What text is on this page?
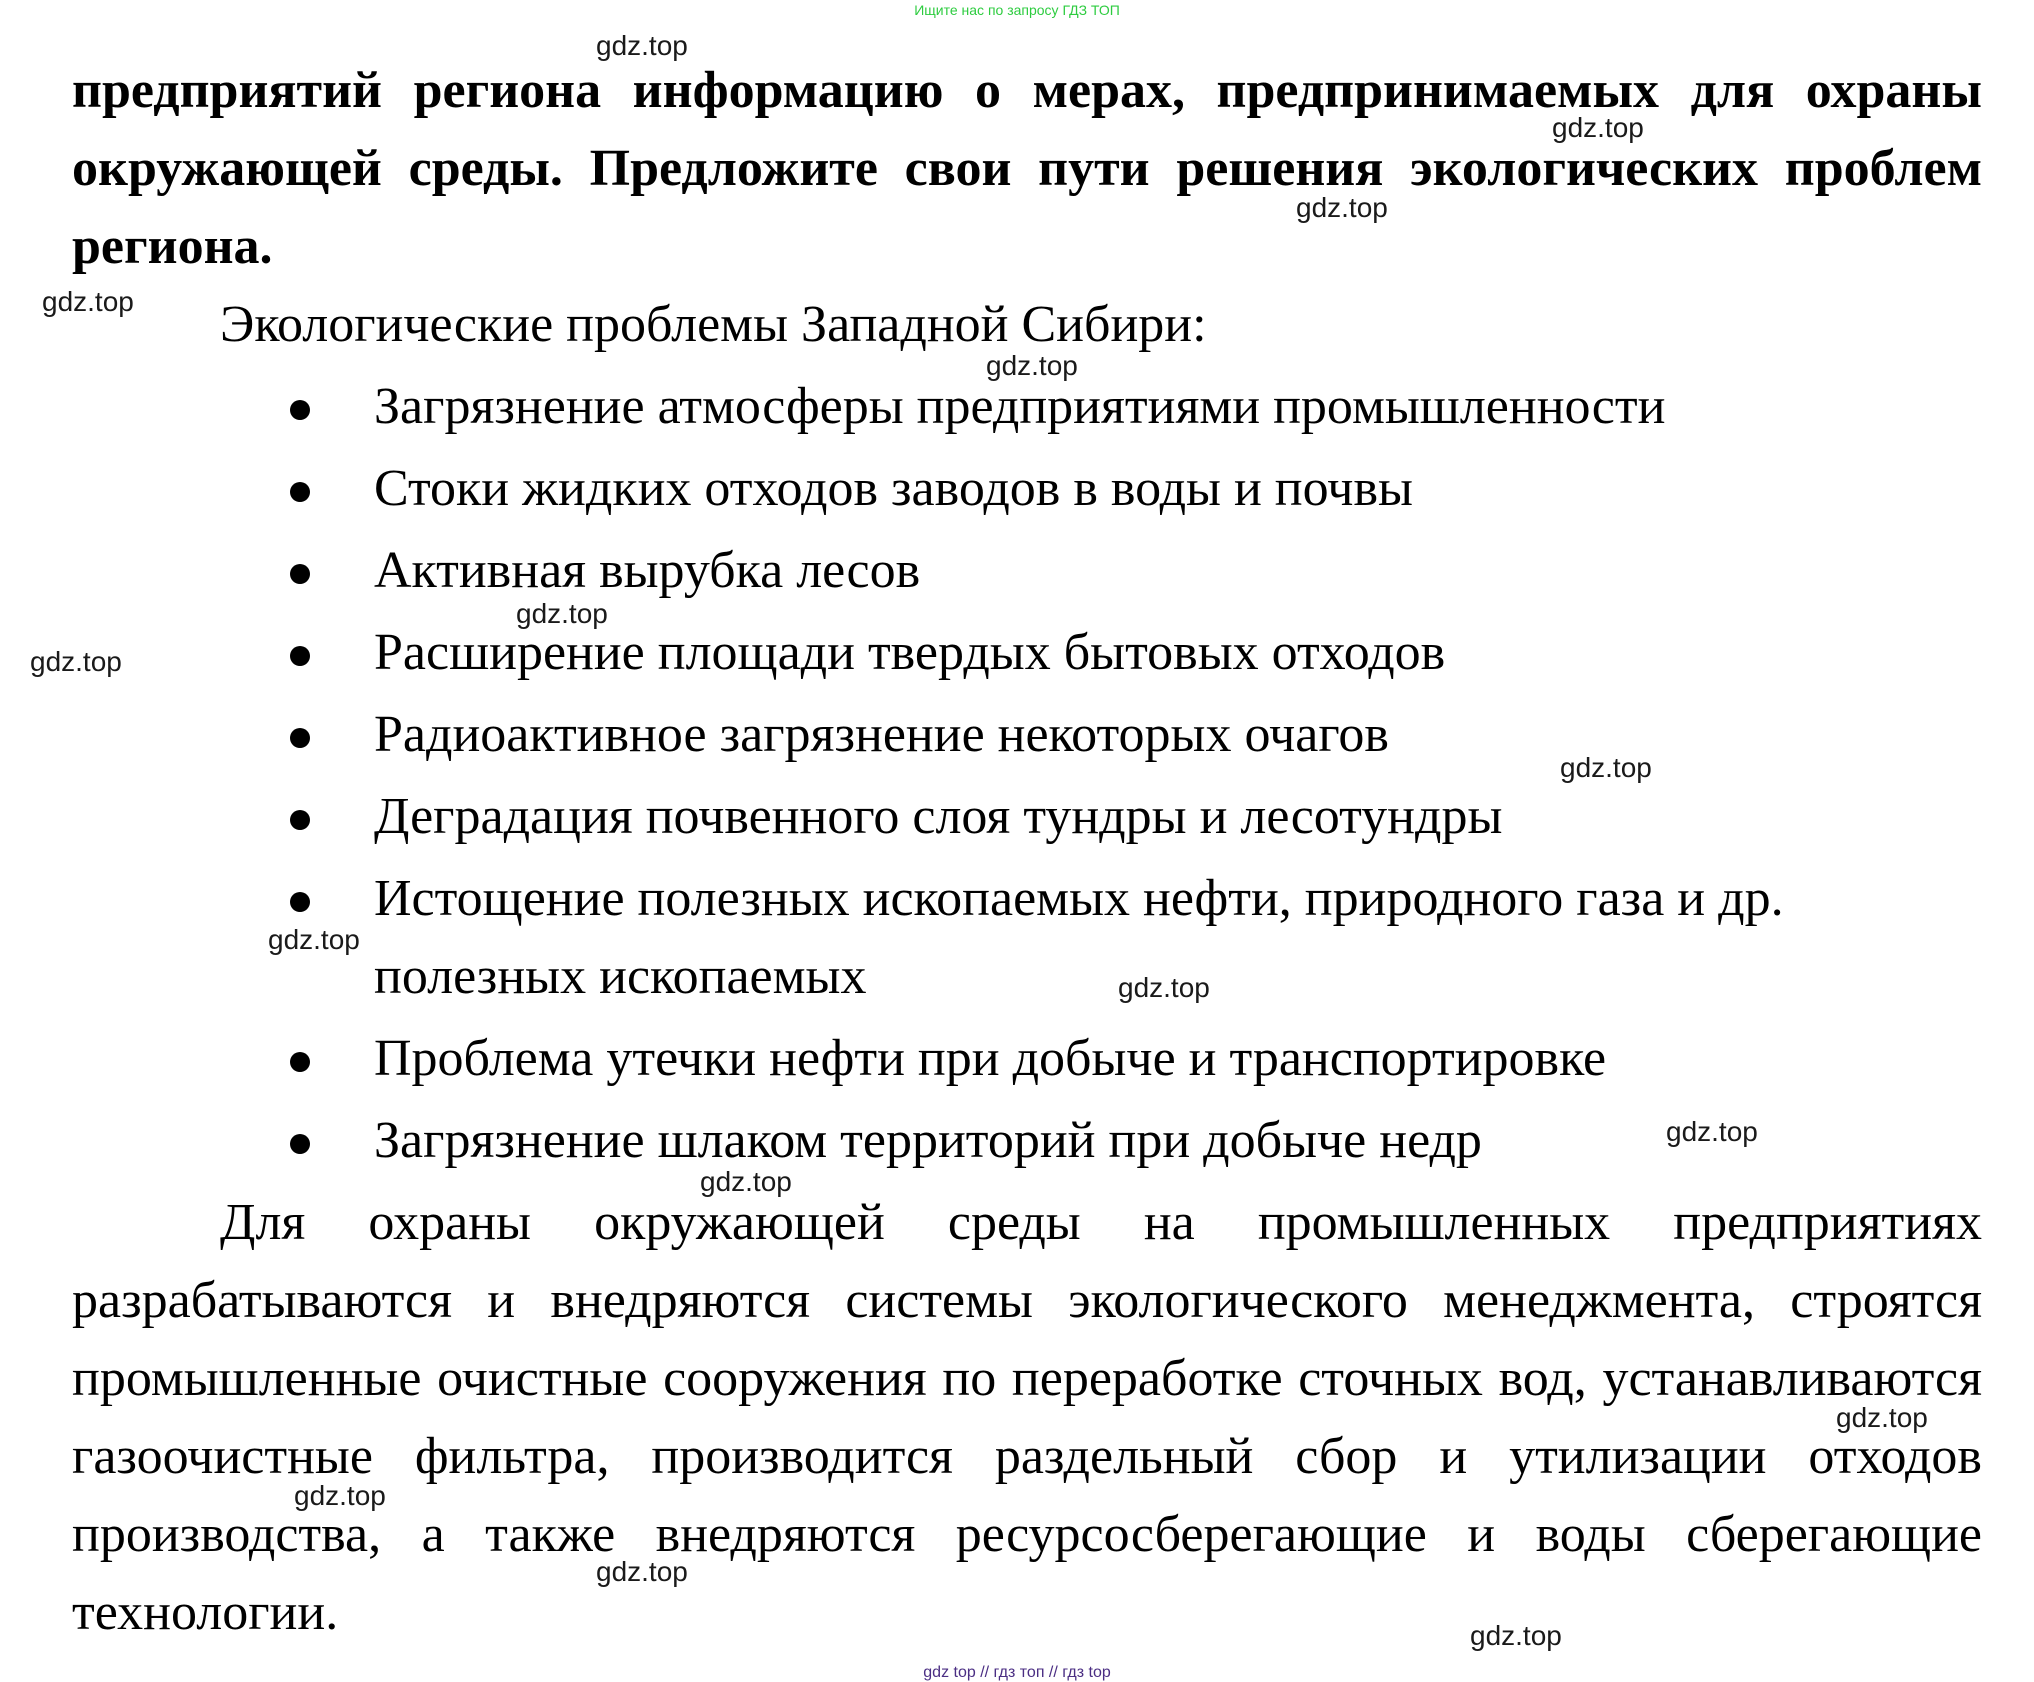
Ищите нас по запросу ГДЗ ТОП

предприятий региона информацию о мерах, предпринимаемых для охраны окружающей среды. Предложите свои пути решения экологических проблем региона.

Экологические проблемы Западной Сибири:

Загрязнение атмосферы предприятиями промышленности
Стоки жидких отходов заводов в воды и почвы
Активная вырубка лесов
Расширение площади твердых бытовых отходов
Радиоактивное загрязнение некоторых очагов
Деградация почвенного слоя тундры и лесотундры
Истощение полезных ископаемых нефти, природного газа и др. полезных ископаемых
Проблема утечки нефти при добыче и транспортировке
Загрязнение шлаком территорий при добыче недр

Для охраны окружающей среды на промышленных предприятиях разрабатываются и внедряются системы экологического менеджмента, строятся промышленные очистные сооружения по переработке сточных вод, устанавливаются газоочистные фильтра, производится раздельный сбор и утилизации отходов производства, а также внедряются ресурсосберегающие и воды сберегающие технологии.

gdz.top
gdz.top
gdz.top
gdz.top
gdz.top
gdz.top
gdz.top
gdz.top
gdz.top
gdz.top
gdz.top
gdz.top
gdz.top
gdz.top
gdz.top
gdz.top
gdz top // гдз топ // гдз top
